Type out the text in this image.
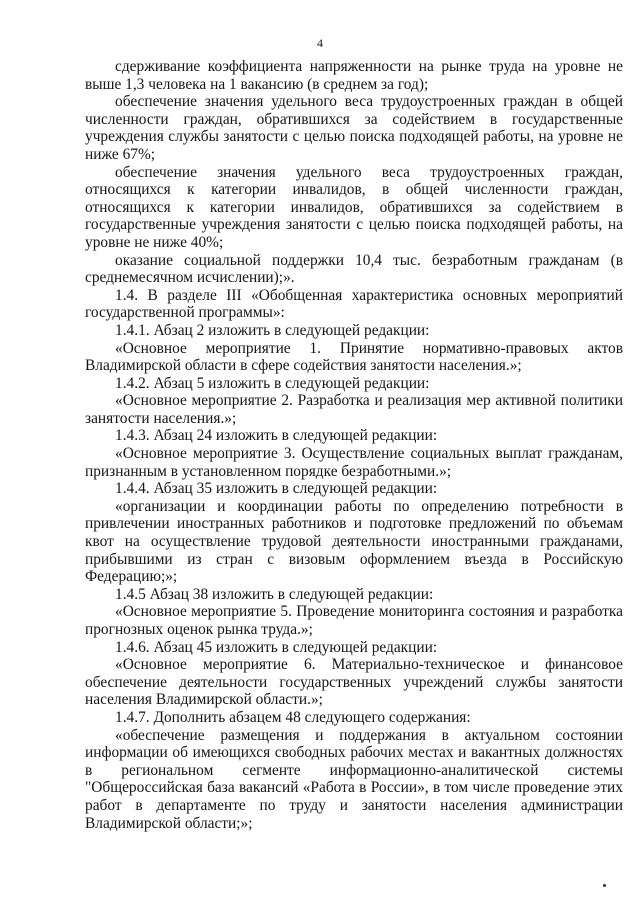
4

сдерживание коэффициента напряженности на рынке труда на уровне не выше 1,3 человека на 1 вакансию (в среднем за год);

обеспечение значения удельного веса трудоустроенных граждан в общей численности граждан, обратившихся за содействием в государственные учреждения службы занятости с целью поиска подходящей работы, на уровне не ниже 67%;

обеспечение значения удельного веса трудоустроенных граждан, относящихся к категории инвалидов, в общей численности граждан, относящихся к категории инвалидов, обратившихся за содействием в государственные учреждения занятости с целью поиска подходящей работы, на уровне не ниже 40%;

оказание социальной поддержки 10,4 тыс. безработным гражданам (в среднемесячном исчислении);».

1.4. В разделе III «Обобщенная характеристика основных мероприятий государственной программы»:

1.4.1. Абзац 2 изложить в следующей редакции:

«Основное мероприятие 1. Принятие нормативно-правовых актов Владимирской области в сфере содействия занятости населения.»;

1.4.2. Абзац 5 изложить в следующей редакции:

«Основное мероприятие 2. Разработка и реализация мер активной политики занятости населения.»;

1.4.3. Абзац 24 изложить в следующей редакции:

«Основное мероприятие 3. Осуществление социальных выплат гражданам, признанным в установленном порядке безработными.»;

1.4.4. Абзац 35 изложить в следующей редакции:

«организации и координации работы по определению потребности в привлечении иностранных работников и подготовке предложений по объемам квот на осуществление трудовой деятельности иностранными гражданами, прибывшими из стран с визовым оформлением въезда в Российскую Федерацию;»;

1.4.5 Абзац 38 изложить в следующей редакции:

«Основное мероприятие 5. Проведение мониторинга состояния и разработка прогнозных оценок рынка труда.»;

1.4.6. Абзац 45 изложить в следующей редакции:

«Основное мероприятие 6. Материально-техническое и финансовое обеспечение деятельности государственных учреждений службы занятости населения Владимирской области.»;

1.4.7. Дополнить абзацем 48 следующего содержания:

«обеспечение размещения и поддержания в актуальном состоянии информации об имеющихся свободных рабочих местах и вакантных должностях в региональном сегменте информационно-аналитической системы "Общероссийская база вакансий «Работа в России», в том числе проведение этих работ в департаменте по труду и занятости населения администрации Владимирской области;»;
